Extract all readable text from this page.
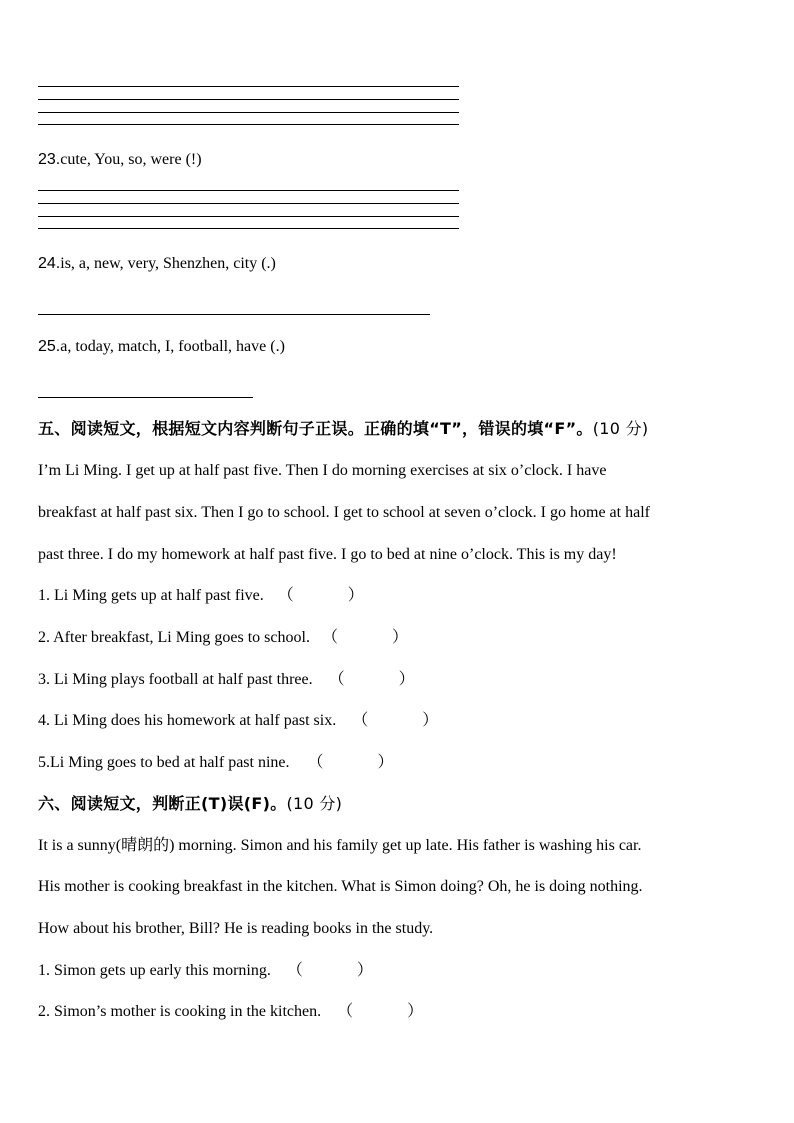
23.cute, You, so, were (!)
24.is, a, new, very, Shenzhen, city (.)
25.a, today, match, I, football, have (.)
五、阅读短文，根据短文内容判断句子正误。正确的填“T”，错误的填“F”。(10 分)
I’m Li Ming. I get up at half past five. Then I do morning exercises at six o’clock. I have
breakfast at half past six. Then I go to school. I get to school at seven o’clock. I go home at half
past three. I do my homework at half past five. I go to bed at nine o’clock. This is my day!
1. Li Ming gets up at half past five. （	）
2. After breakfast, Li Ming goes to school. （	）
3. Li Ming plays football at half past three. （	）
4. Li Ming does his homework at half past six. （	）
5.Li Ming goes to bed at half past nine. （	）
六、阅读短文，判断正(T)误(F)。(10 分)
It is a sunny(晴朗的) morning. Simon and his family get up late. His father is washing his car.
His mother is cooking breakfast in the kitchen. What is Simon doing? Oh, he is doing nothing.
How about his brother, Bill? He is reading books in the study.
1. Simon gets up early this morning. （	）
2. Simon’s mother is cooking in the kitchen. （	）
